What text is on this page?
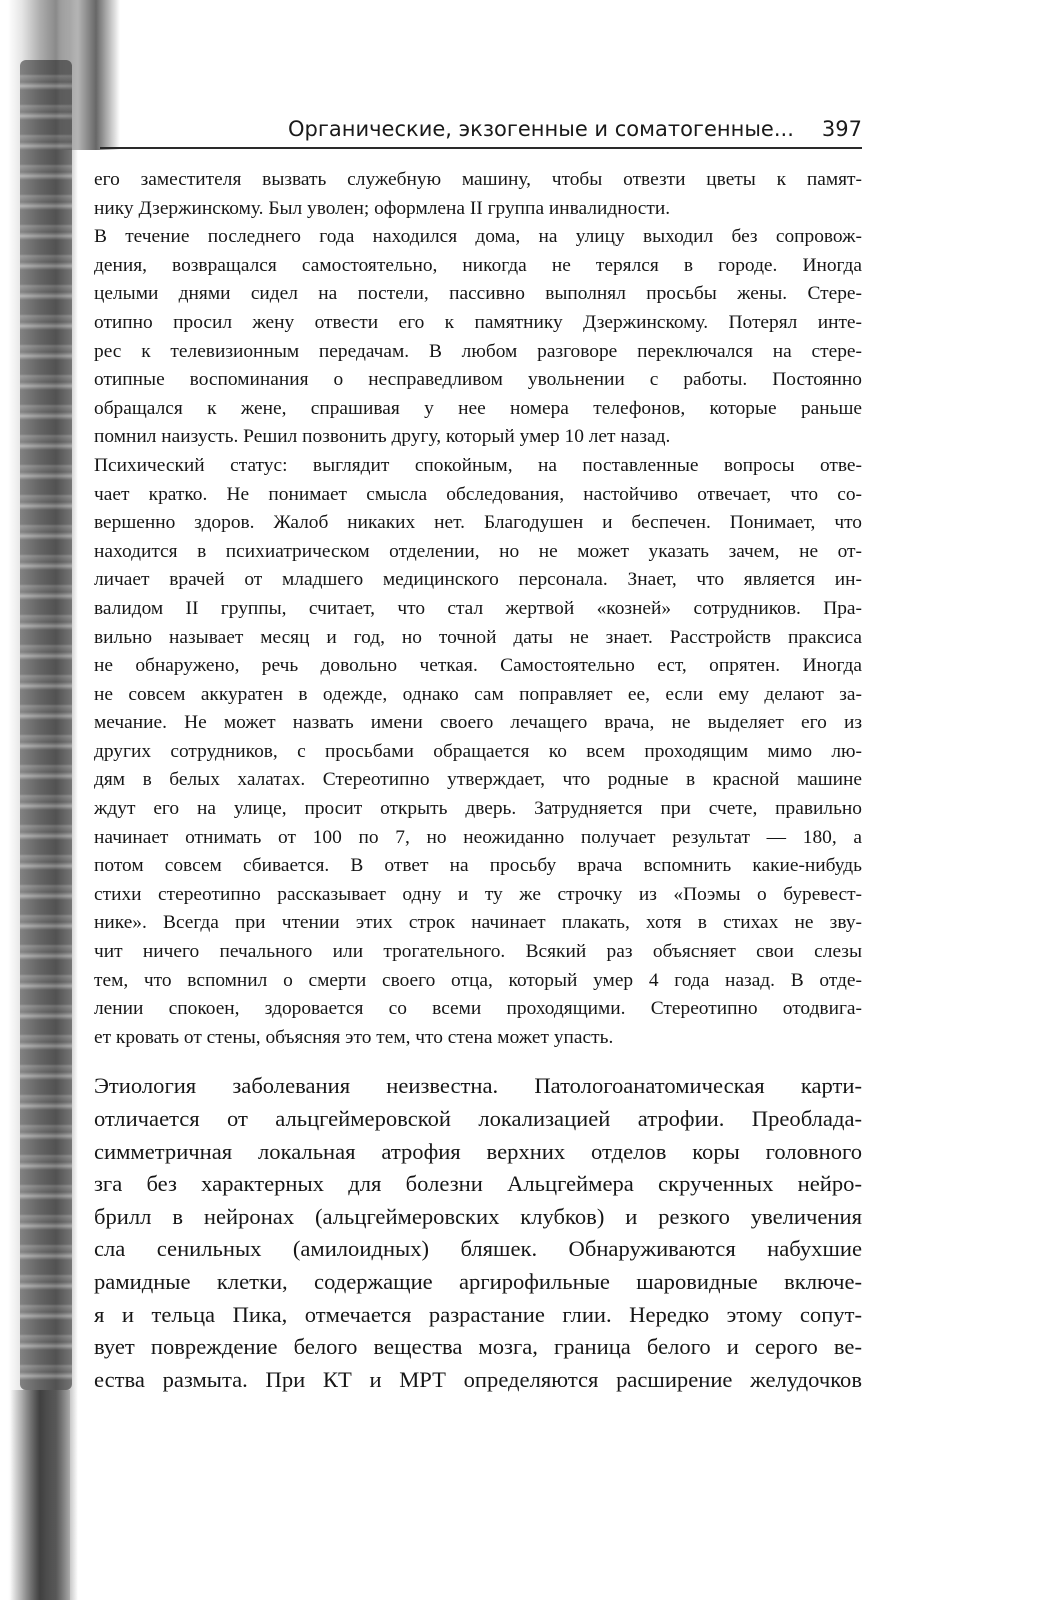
Органические, экзогенные и соматогенные... 397
его заместителя вызвать служебную машину, чтобы отвезти цветы к памят-
нику Дзержинскому. Был уволен; оформлена II группа инвалидности.
В течение последнего года находился дома, на улицу выходил без сопровож-
дения, возвращался самостоятельно, никогда не терялся в городе. Иногда
целыми днями сидел на постели, пассивно выполнял просьбы жены. Стере-
отипно просил жену отвести его к памятнику Дзержинскому. Потерял инте-
рес к телевизионным передачам. В любом разговоре переключался на стере-
отипные воспоминания о несправедливом увольнении с работы. Постоянно
обращался к жене, спрашивая у нее номера телефонов, которые раньше
помнил наизусть. Решил позвонить другу, который умер 10 лет назад.
Психический статус: выглядит спокойным, на поставленные вопросы отве-
чает кратко. Не понимает смысла обследования, настойчиво отвечает, что со-
вершенно здоров. Жалоб никаких нет. Благодушен и беспечен. Понимает, что
находится в психиатрическом отделении, но не может указать зачем, не от-
личает врачей от младшего медицинского персонала. Знает, что является ин-
валидом II группы, считает, что стал жертвой «козней» сотрудников. Пра-
вильно называет месяц и год, но точной даты не знает. Расстройств праксиса
не обнаружено, речь довольно четкая. Самостоятельно ест, опрятен. Иногда
не совсем аккуратен в одежде, однако сам поправляет ее, если ему делают за-
мечание. Не может назвать имени своего лечащего врача, не выделяет его из
других сотрудников, с просьбами обращается ко всем проходящим мимо лю-
дям в белых халатах. Стереотипно утверждает, что родные в красной машине
ждут его на улице, просит открыть дверь. Затрудняется при счете, правильно
начинает отнимать от 100 по 7, но неожиданно получает результат — 180, а
потом совсем сбивается. В ответ на просьбу врача вспомнить какие-нибудь
стихи стереотипно рассказывает одну и ту же строчку из «Поэмы о буревест-
нике». Всегда при чтении этих строк начинает плакать, хотя в стихах не зву-
чит ничего печального или трогательного. Всякий раз объясняет свои слезы
тем, что вспомнил о смерти своего отца, который умер 4 года назад. В отде-
лении спокоен, здоровается со всеми проходящими. Стереотипно отодвига-
ет кровать от стены, объясняя это тем, что стена может упасть.
Этиология заболевания неизвестна. Патологоанатомическая карти-
отличается от альцгеймеровской локализацией атрофии. Преоблада-
симметричная локальная атрофия верхних отделов коры головного
зга без характерных для болезни Альцгеймера скрученных нейро-
брилл в нейронах (альцгеймеровских клубков) и резкого увеличения
сла сенильных (амилоидных) бляшек. Обнаруживаются набухшие
рамидные клетки, содержащие аргирофильные шаровидные включе-
я и тельца Пика, отмечается разрастание глии. Нередко этому сопут-
вует повреждение белого вещества мозга, граница белого и серого ве-
ества размыта. При КТ и МРТ определяются расширение желудочков
